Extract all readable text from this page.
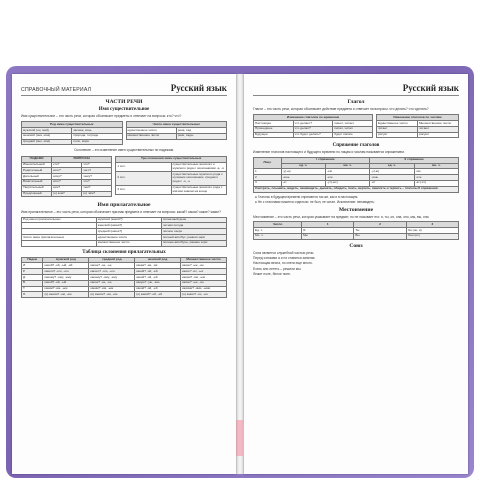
СПРАВОЧНЫЙ МАТЕРИАЛ	Русский язык
ЧАСТИ РЕЧИ
Имя существительное
Имя существительное – это часть речи, которая обозначает предметы и отвечает на вопросы: кто? что?
Род имен существительных	
мужской (он, мой)	заснеж, конь
женский (она, моя)	природа, тетрадь
средний (оно, моё)	поле, море
Число имен существительных	
единственное число	река, сад
множественное число	реки, сады
Склонение – это изменение имен существительных по падежам.
ПАДЕЖИ	ВОПРОСЫ	
Именительный	кто?	что?
Родительный	кого?	чего?
Дательный	кому?	чему?
Винительный	кого?	что?
Творительный	кем?	чем?
Предложный	(о) ком?	(о) чём?
Три склонения имен существительных	
1 скл.	существительные женского и мужского рода с окончаниями -а, -я
2 скл.	существительные мужского рода с нулевым окончанием, среднего рода с -о, -е
3 скл.	существительные женского рода с мягким знаком на конце
Имя прилагательное
Имя прилагательное – это часть речи, которая обозначает признак предмета и отвечает на вопросы: какой? какая? какое? какие?
Род имен прилагательных	мужской (какой?)	солнечный день
	женский (какая?)	летняя погода
	средний (какое?)	лесное озеро
Число имен прилагательных	единственное число	полный автобус, ранняя заря
	множественное число	полные автобусы, ранние зори
Таблица склонения прилагательных
Падеж	мужской род	средний род	женский род	Множественное число
И.	какой? -ой, -ый, -ий	какое? -ое, -ее	какая? -ая, -яя	какие? -ые, -ие
Р.	какого? -ого, -его	какого? -ого, -его	какой? -ой, -ей	каких? -их, -ых
Д.	какому? -ому, -ему	какому? -ому, -ему	какой? -ой, -ей	каким? -им, -ым
В.	какой? -ой, -ый	какое? -ое, -ее	какую? -ую, -юю	какие? -ые, -ие
Т.	каким? -им, -ым	каким? -им, -ым	какой? -ой, -ей	какими? -ими, -ыми
П.	(о) каком? -ом, -ем	(о) каком? -ом, -ем	(о) какой? -ой, -ей	(о) каких? -их, -ых
Русский язык
Глагол
Глагол – это часть речи, которая обозначает действие предмета и отвечает на вопросы: что делать? что сделать?
Изменение глаголов по временам		
Настоящее	что делает?	пишет, читает
Прошедшее	что делал?	писал, читал
Будущее	что будет делать?	будет писать
Изменение глаголов по числам	
Единственное число	Множественное число
читает	читают
рисует	рисуют
Спряжение глаголов
Изменение глаголов настоящего и будущего времени по лицам и числам называется спряжением.
Лицо	I спряжение		II спряжение	
	ед. ч.	мн. ч.	ед. ч.	мн. ч.
1	-у(-ю)	-ем	-у(-ю)	-им
2	-ешь	-ете	-ишь	-ите
3	-ет	-ут(-ют)	-ит	-ат(-ят)
Смотреть, слышать, видеть, ненавидеть, дышать, обидеть, гнать, вертеть, зависеть и терпеть – глаголы II спряжения.				
● Глаголы в будущем времени спрягаются так же, как и в настоящем.
● Не с глаголами пишется отдельно: не был, не читал. Исключение: ненавидеть.
Местоимение
Местоимение – это часть речи, которая указывает на предмет, но не называет его: я, ты, он, она, оно, мы, вы, они.
Число	1	2	3
Ед. ч.	Я	Ты	Он (он, и)
Мн. ч.	Мы	Вы	Они (их)
Союз
Союз является служебной частью речи.
Перед союзами а и но ставится запятая.
Настоящая весна, но снега еще много.
Ехать или лететь – решили мы.
Лежит поле, белое поле.
